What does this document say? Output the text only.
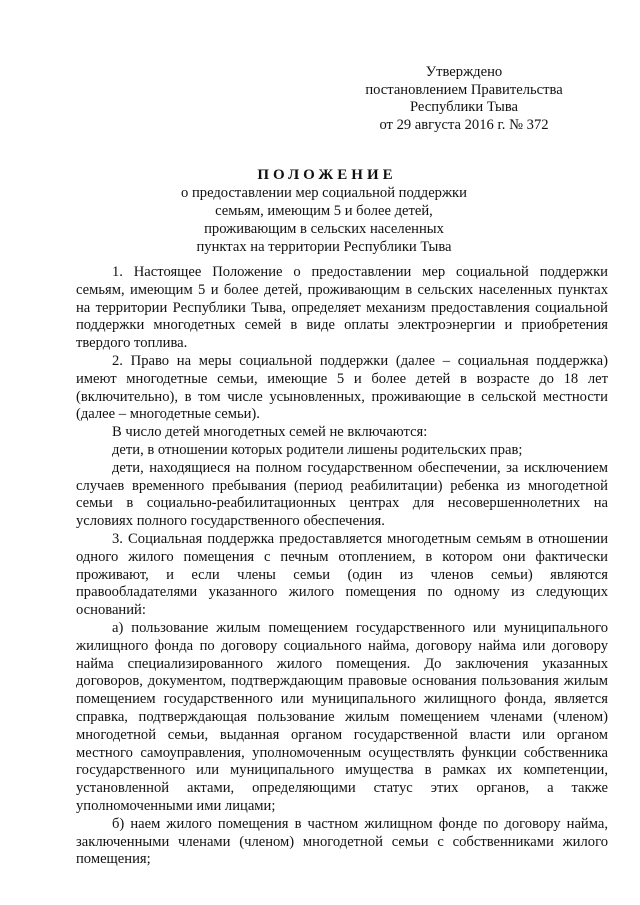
Утверждено
постановлением Правительства
Республики Тыва
от 29 августа 2016 г. № 372
ПОЛОЖЕНИЕ
о предоставлении мер социальной поддержки
семьям, имеющим 5 и более детей,
проживающим в сельских населенных
пунктах на территории Республики Тыва

1. Настоящее Положение о предоставлении мер социальной поддержки семьям, имеющим 5 и более детей, проживающим в сельских населенных пунктах на территории Республики Тыва, определяет механизм предоставления социальной поддержки многодетных семей в виде оплаты электроэнергии и приобретения твердого топлива.

2. Право на меры социальной поддержки (далее – социальная поддержка) имеют многодетные семьи, имеющие 5 и более детей в возрасте до 18 лет (включительно), в том числе усыновленных, проживающие в сельской местности (далее – многодетные семьи).

В число детей многодетных семей не включаются:

дети, в отношении которых родители лишены родительских прав;

дети, находящиеся на полном государственном обеспечении, за исключением случаев временного пребывания (период реабилитации) ребенка из многодетной семьи в социально-реабилитационных центрах для несовершеннолетних на условиях полного государственного обеспечения.

3. Социальная поддержка предоставляется многодетным семьям в отношении одного жилого помещения с печным отоплением, в котором они фактически проживают, и если члены семьи (один из членов семьи) являются правообладателями указанного жилого помещения по одному из следующих оснований:

а) пользование жилым помещением государственного или муниципального жилищного фонда по договору социального найма, договору найма или договору найма специализированного жилого помещения. До заключения указанных договоров, документом, подтверждающим правовые основания пользования жилым помещением государственного или муниципального жилищного фонда, является справка, подтверждающая пользование жилым помещением членами (членом) многодетной семьи, выданная органом государственной власти или органом местного самоуправления, уполномоченным осуществлять функции собственника государственного или муниципального имущества в рамках их компетенции, установленной актами, определяющими статус этих органов, а также уполномоченными ими лицами;

б) наем жилого помещения в частном жилищном фонде по договору найма, заключенными членами (членом) многодетной семьи с собственниками жилого помещения;
